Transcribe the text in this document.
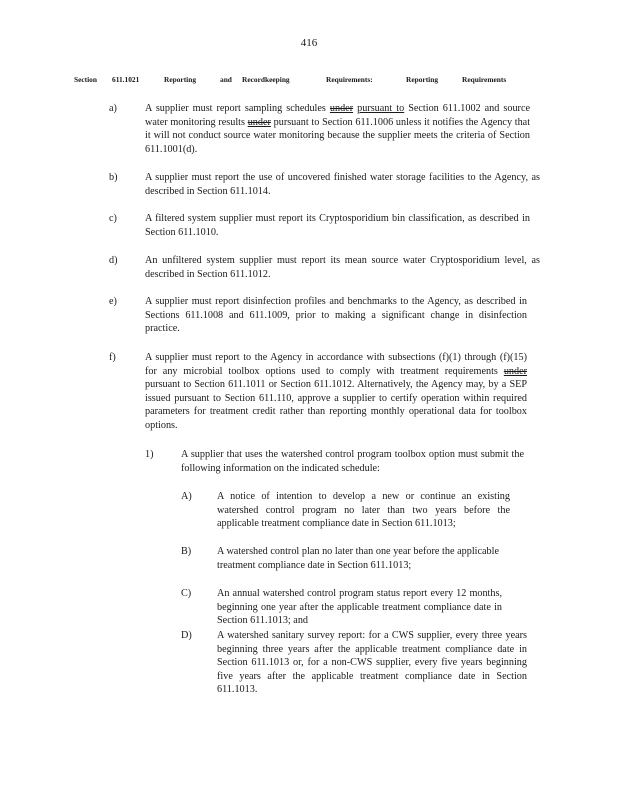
416
Section 611.1021	Reporting	and Recordkeeping	Requirements:	Reporting	Requirements
a)	A supplier must report sampling schedules under pursuant to Section 611.1002 and source water monitoring results under pursuant to Section 611.1006 unless it notifies the Agency that it will not conduct source water monitoring because the supplier meets the criteria of Section 611.1001(d).
b)	A supplier must report the use of uncovered finished water storage facilities to the Agency, as described in Section 611.1014.
c)	A filtered system supplier must report its Cryptosporidium bin classification, as described in Section 611.1010.
d)	An unfiltered system supplier must report its mean source water Cryptosporidium level, as described in Section 611.1012.
e)	A supplier must report disinfection profiles and benchmarks to the Agency, as described in Sections 611.1008 and 611.1009, prior to making a significant change in disinfection practice.
f)	A supplier must report to the Agency in accordance with subsections (f)(1) through (f)(15) for any microbial toolbox options used to comply with treatment requirements under pursuant to Section 611.1011 or Section 611.1012. Alternatively, the Agency may, by a SEP issued pursuant to Section 611.110, approve a supplier to certify operation within required parameters for treatment credit rather than reporting monthly operational data for toolbox options.
1)	A supplier that uses the watershed control program toolbox option must submit the following information on the indicated schedule:
A) A notice of intention to develop a new or continue an existing watershed control program no later than two years before the applicable treatment compliance date in Section 611.1013;
B)	A watershed control plan no later than one year before the applicable treatment compliance date in Section 611.1013;
C)	An annual watershed control program status report every 12 months, beginning one year after the applicable treatment compliance date in Section 611.1013; and
D) A watershed sanitary survey report: for a CWS supplier, every three years beginning three years after the applicable treatment compliance date in Section 611.1013 or, for a non-CWS supplier, every five years beginning five years after the applicable treatment compliance date in Section 611.1013.
